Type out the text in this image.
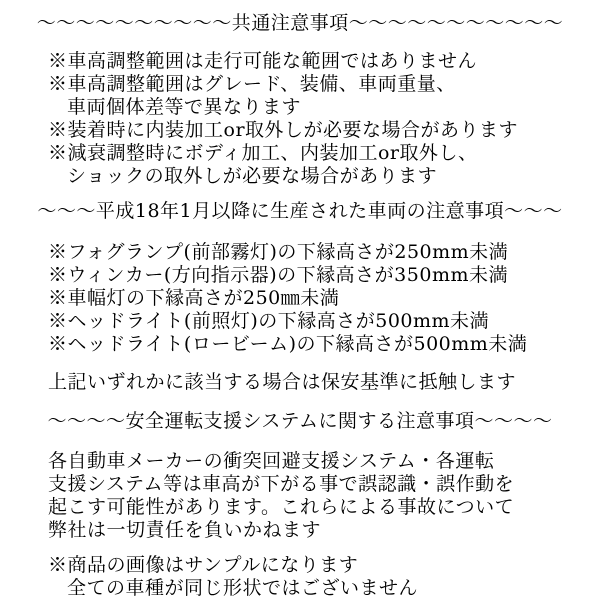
～～～～～～～～～～共通注意事項～～～～～～～～～～～
※車高調整範囲は走行可能な範囲ではありません
※車高調整範囲はグレード、装備、車両重量、
車両個体差等で異なります
※装着時に内装加工or取外しが必要な場合があります
※減衰調整時にボディ加工、内装加工or取外し、
ショックの取外しが必要な場合があります
～～～平成18年1月以降に生産された車両の注意事項～～～
※フォグランプ(前部霧灯)の下縁高さが250mm未満
※ウィンカー(方向指示器)の下縁高さが350mm未満
※車幅灯の下縁高さが250㎜未満
※ヘッドライト(前照灯)の下縁高さが500mm未満
※ヘッドライト(ロービーム)の下縁高さが500mm未満
上記いずれかに該当する場合は保安基準に抵触します
～～～～安全運転支援システムに関する注意事項～～～～
各自動車メーカーの衝突回避支援システム・各運転
支援システム等は車高が下がる事で誤認識・誤作動を
起こす可能性があります。これらによる事故について
弊社は一切責任を負いかねます
※商品の画像はサンプルになります
全ての車種が同じ形状ではございません
